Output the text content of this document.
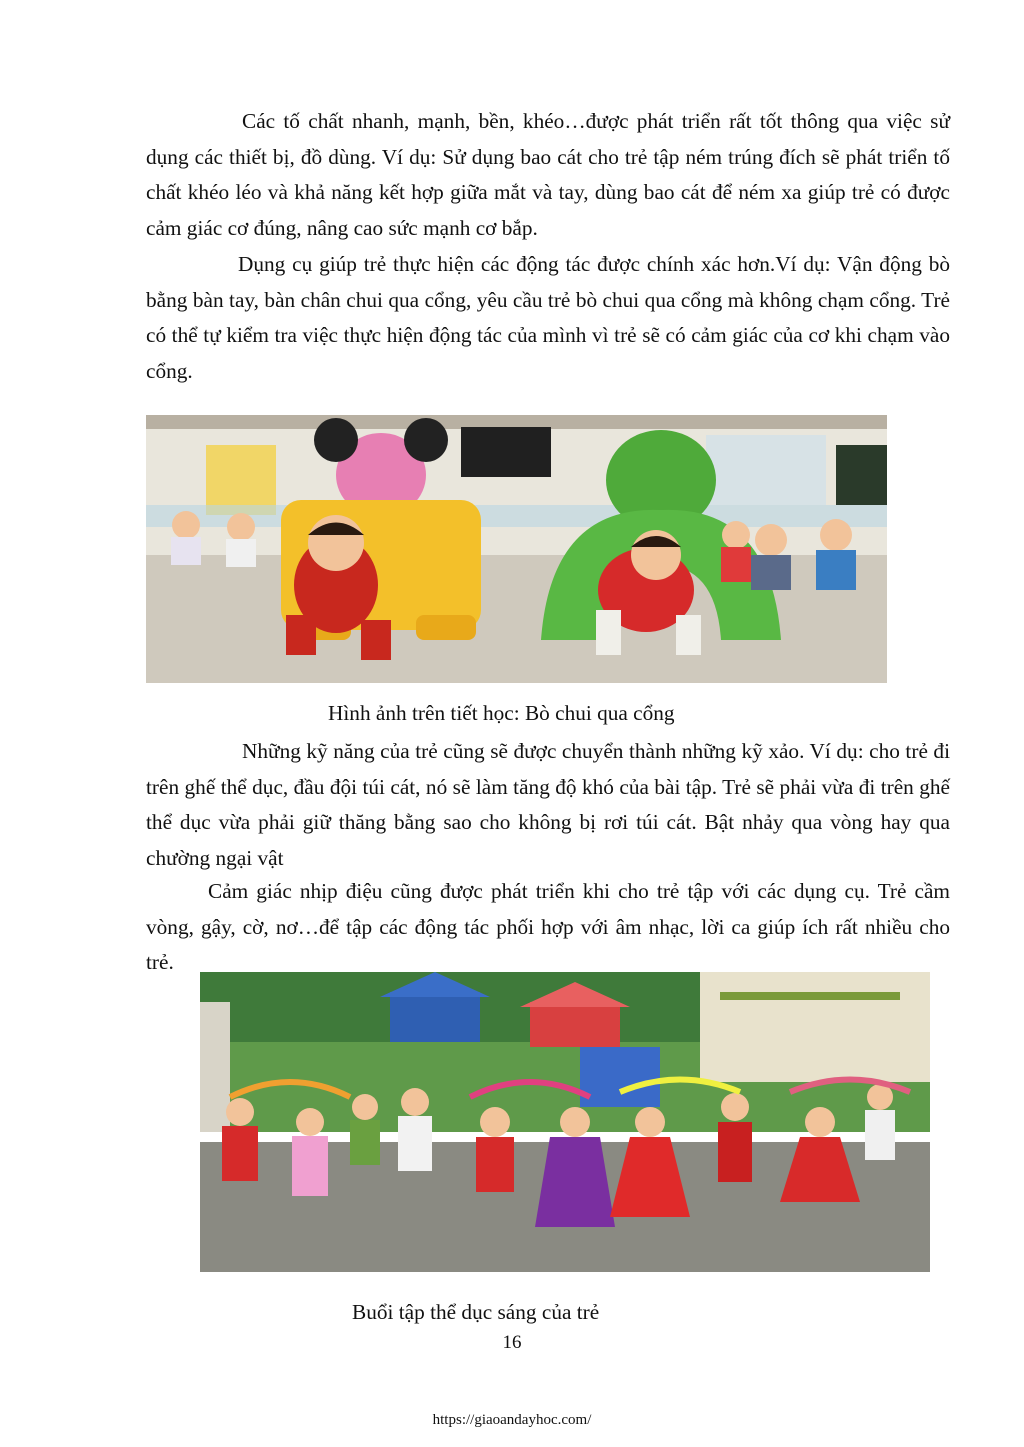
Các tố chất nhanh, mạnh, bền, khéo…được phát triển rất tốt thông qua việc sử dụng các thiết bị, đồ dùng. Ví dụ: Sử dụng bao cát cho trẻ tập ném trúng đích sẽ phát triển tố chất khéo léo và khả năng kết hợp giữa mắt và tay, dùng bao cát để ném xa giúp trẻ có được cảm giác cơ đúng, nâng cao sức mạnh cơ bắp.

Dụng cụ giúp trẻ thực hiện các động tác được chính xác hơn.Ví dụ: Vận động bò bằng bàn tay, bàn chân chui qua cổng, yêu cầu trẻ bò chui qua cổng mà không chạm cổng. Trẻ có thể tự kiểm tra việc thực hiện động tác của mình vì trẻ sẽ có cảm giác của cơ khi chạm vào cổng.

Hình ảnh trên tiết học: Bò chui qua cổng

Những kỹ năng của trẻ cũng sẽ được chuyển thành những kỹ xảo. Ví dụ: cho trẻ đi trên ghế thể dục, đầu đội túi cát, nó sẽ làm tăng độ khó của bài tập. Trẻ sẽ phải vừa đi trên ghế thể dục vừa phải giữ thăng bằng sao cho không bị rơi túi cát. Bật nhảy qua vòng hay qua chường ngại vật

Cảm giác nhịp điệu cũng được phát triển khi cho trẻ tập với các dụng cụ. Trẻ cầm vòng, gậy, cờ, nơ…để tập các động tác phối hợp với âm nhạc, lời ca giúp ích rất nhiều cho trẻ.

Buổi tập thể dục sáng của trẻ

16
https://giaoandayhoc.com/
